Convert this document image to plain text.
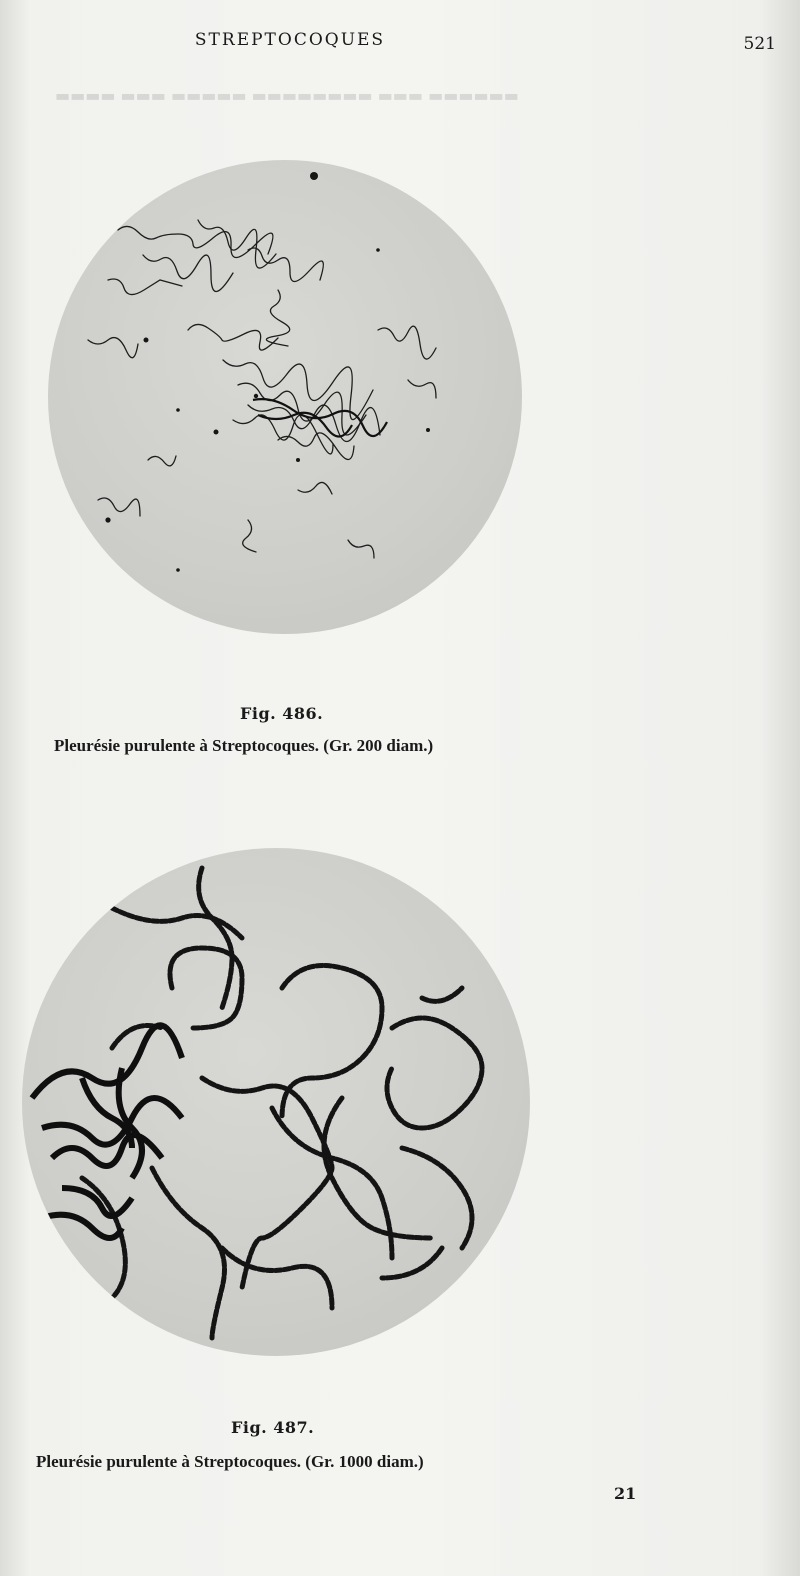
STREPTOCOQUES	521
▬▬▬▬ ▬▬▬ ▬▬▬▬▬ ▬▬▬▬▬▬▬▬ ▬▬▬ ▬▬▬▬▬▬
Fig. 486.
Pleurésie purulente à Streptocoques. (Gr. 200 diam.)
Fig. 487.
Pleurésie purulente à Streptocoques. (Gr. 1000 diam.)
21
